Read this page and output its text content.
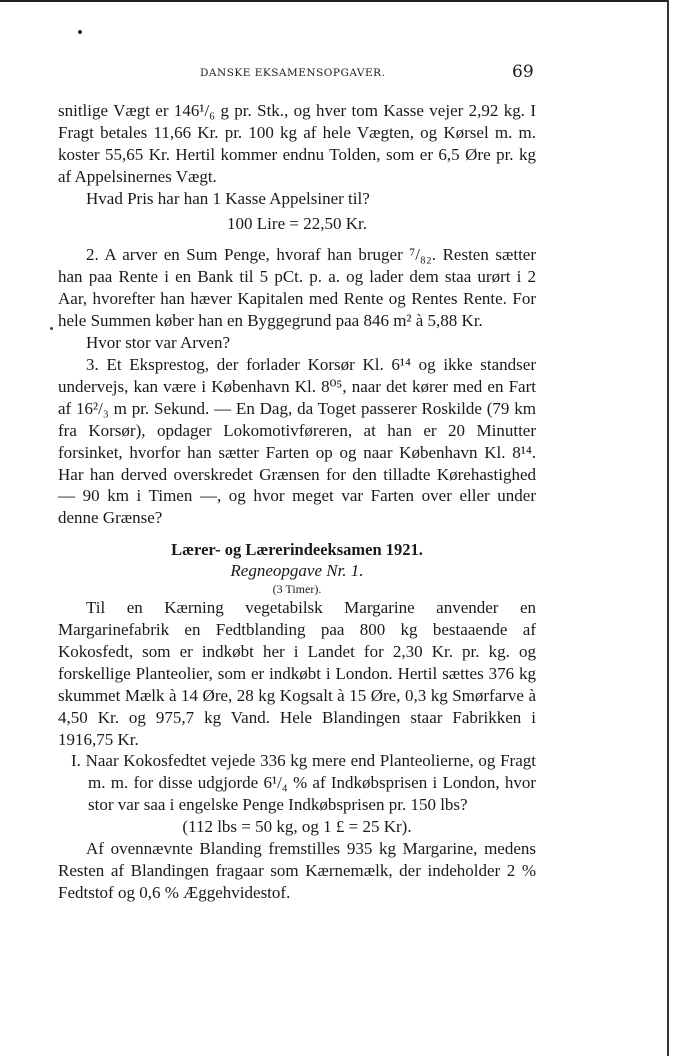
DANSKE EKSAMENSOPGAVER.	69

snitlige Vægt er 146¹/₆ g pr. Stk., og hver tom Kasse vejer 2,92 kg. I Fragt betales 11,66 Kr. pr. 100 kg af hele Vægten, og Kørsel m. m. koster 55,65 Kr. Hertil kommer endnu Tolden, som er 6,5 Øre pr. kg af Appelsinernes Vægt.

Hvad Pris har han 1 Kasse Appelsiner til?

100 Lire = 22,50 Kr.

2. A arver en Sum Penge, hvoraf han bruger ⁷/₈₂. Resten sætter han paa Rente i en Bank til 5 pCt. p. a. og lader dem staa urørt i 2 Aar, hvorefter han hæver Kapitalen med Rente og Rentes Rente. For hele Summen køber han en Byggegrund paa 846 m² à 5,88 Kr.

Hvor stor var Arven?

3. Et Eksprestog, der forlader Korsør Kl. 6¹⁴ og ikke standser undervejs, kan være i København Kl. 8⁰⁵, naar det kører med en Fart af 16²/₃ m pr. Sekund. — En Dag, da Toget passerer Roskilde (79 km fra Korsør), opdager Lokomotivføreren, at han er 20 Minutter forsinket, hvorfor han sætter Farten op og naar København Kl. 8¹⁴. Har han derved overskredet Grænsen for den tilladte Kørehastighed — 90 km i Timen —, og hvor meget var Farten over eller under denne Grænse?

Lærer- og Lærerindeeksamen 1921.

Regneopgave Nr. 1.

(3 Timer).

Til en Kærning vegetabilsk Margarine anvender en Margarinefabrik en Fedtblanding paa 800 kg bestaaende af Kokosfedt, som er indkøbt her i Landet for 2,30 Kr. pr. kg. og forskellige Planteolier, som er indkøbt i London. Hertil sættes 376 kg skummet Mælk à 14 Øre, 28 kg Kogsalt à 15 Øre, 0,3 kg Smørfarve à 4,50 Kr. og 975,7 kg Vand. Hele Blandingen staar Fabrikken i 1916,75 Kr.

I. Naar Kokosfedtet vejede 336 kg mere end Planteolierne, og Fragt m. m. for disse udgjorde 6¹/₄ % af Indkøbsprisen i London, hvor stor var saa i engelske Penge Indkøbsprisen pr. 150 lbs?

(112 lbs = 50 kg, og 1 £ = 25 Kr).

Af ovennævnte Blanding fremstilles 935 kg Margarine, medens Resten af Blandingen fragaar som Kærnemælk, der indeholder 2 % Fedtstof og 0,6 % Æggehvidestof.
